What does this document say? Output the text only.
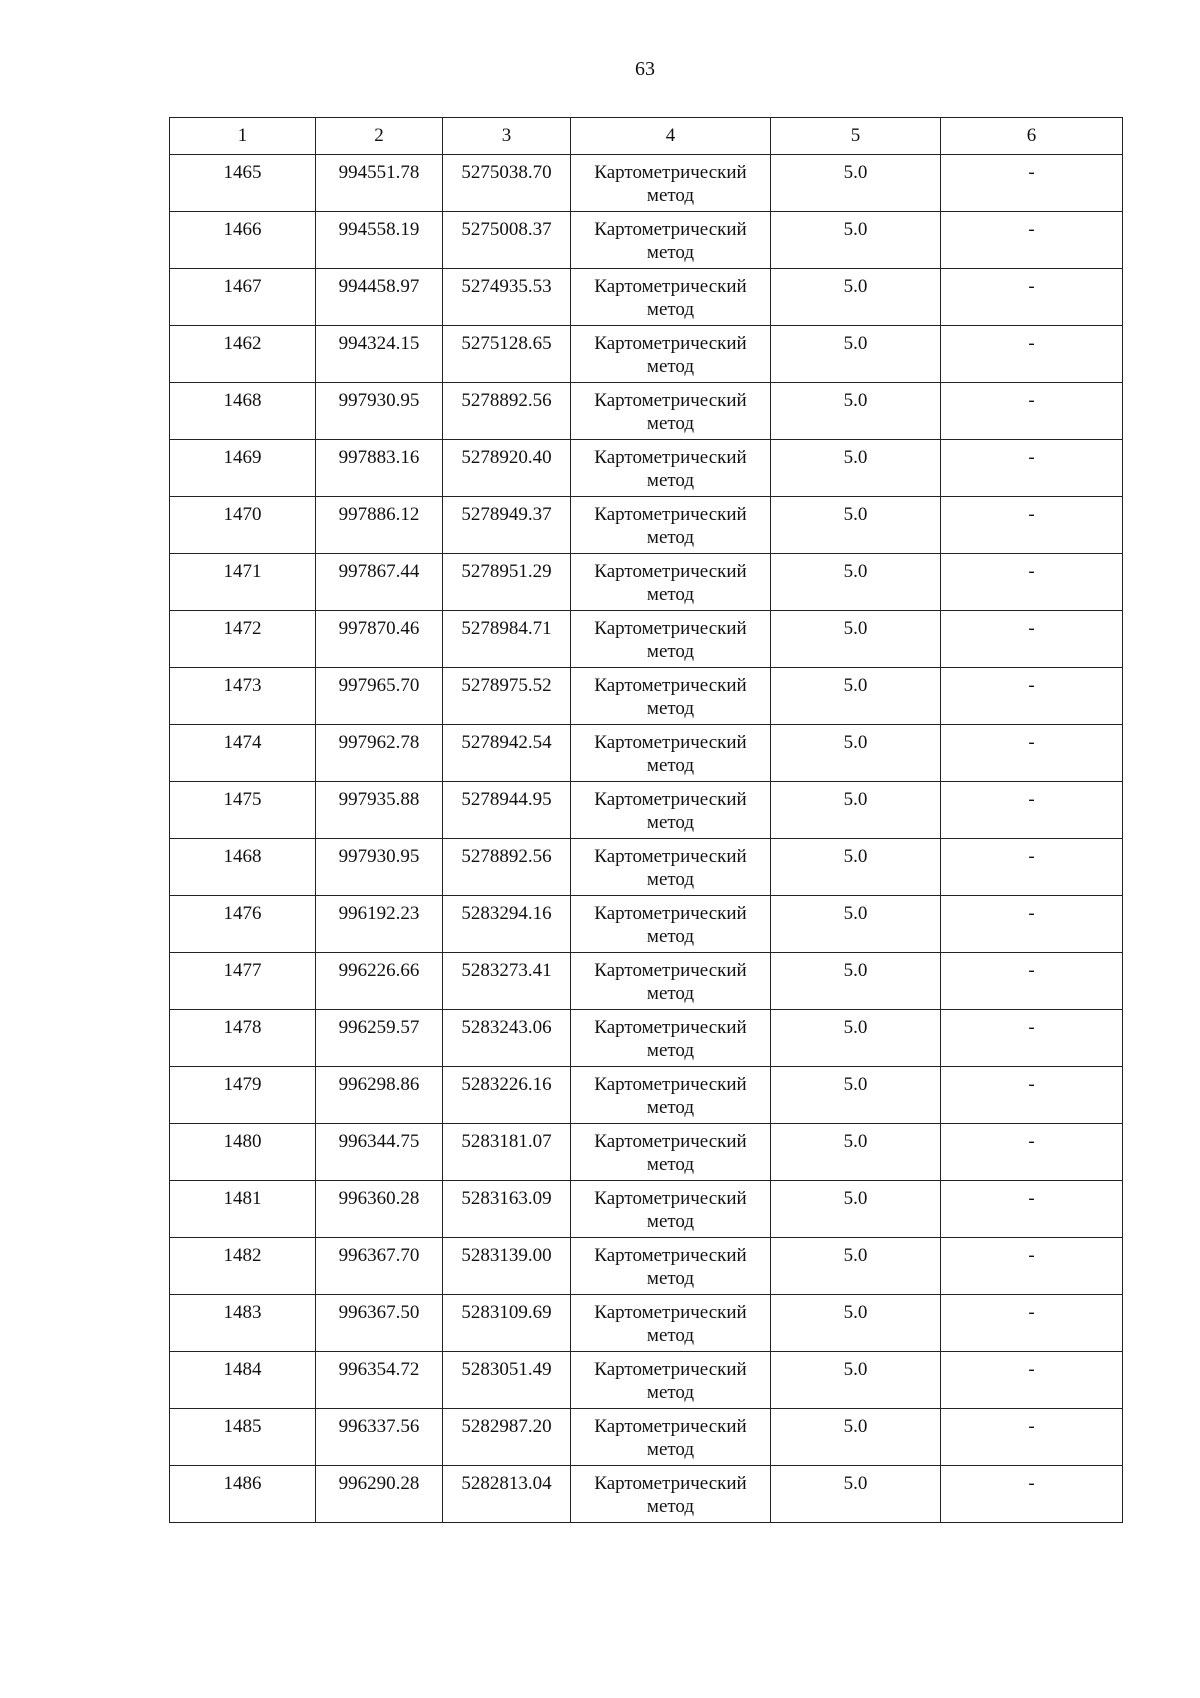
63
1	2	3	4	5	6
1465	994551.78	5275038.70	Картометрический метод	5.0	-
1466	994558.19	5275008.37	Картометрический метод	5.0	-
1467	994458.97	5274935.53	Картометрический метод	5.0	-
1462	994324.15	5275128.65	Картометрический метод	5.0	-
1468	997930.95	5278892.56	Картометрический метод	5.0	-
1469	997883.16	5278920.40	Картометрический метод	5.0	-
1470	997886.12	5278949.37	Картометрический метод	5.0	-
1471	997867.44	5278951.29	Картометрический метод	5.0	-
1472	997870.46	5278984.71	Картометрический метод	5.0	-
1473	997965.70	5278975.52	Картометрический метод	5.0	-
1474	997962.78	5278942.54	Картометрический метод	5.0	-
1475	997935.88	5278944.95	Картометрический метод	5.0	-
1468	997930.95	5278892.56	Картометрический метод	5.0	-
1476	996192.23	5283294.16	Картометрический метод	5.0	-
1477	996226.66	5283273.41	Картометрический метод	5.0	-
1478	996259.57	5283243.06	Картометрический метод	5.0	-
1479	996298.86	5283226.16	Картометрический метод	5.0	-
1480	996344.75	5283181.07	Картометрический метод	5.0	-
1481	996360.28	5283163.09	Картометрический метод	5.0	-
1482	996367.70	5283139.00	Картометрический метод	5.0	-
1483	996367.50	5283109.69	Картометрический метод	5.0	-
1484	996354.72	5283051.49	Картометрический метод	5.0	-
1485	996337.56	5282987.20	Картометрический метод	5.0	-
1486	996290.28	5282813.04	Картометрический метод	5.0	-
